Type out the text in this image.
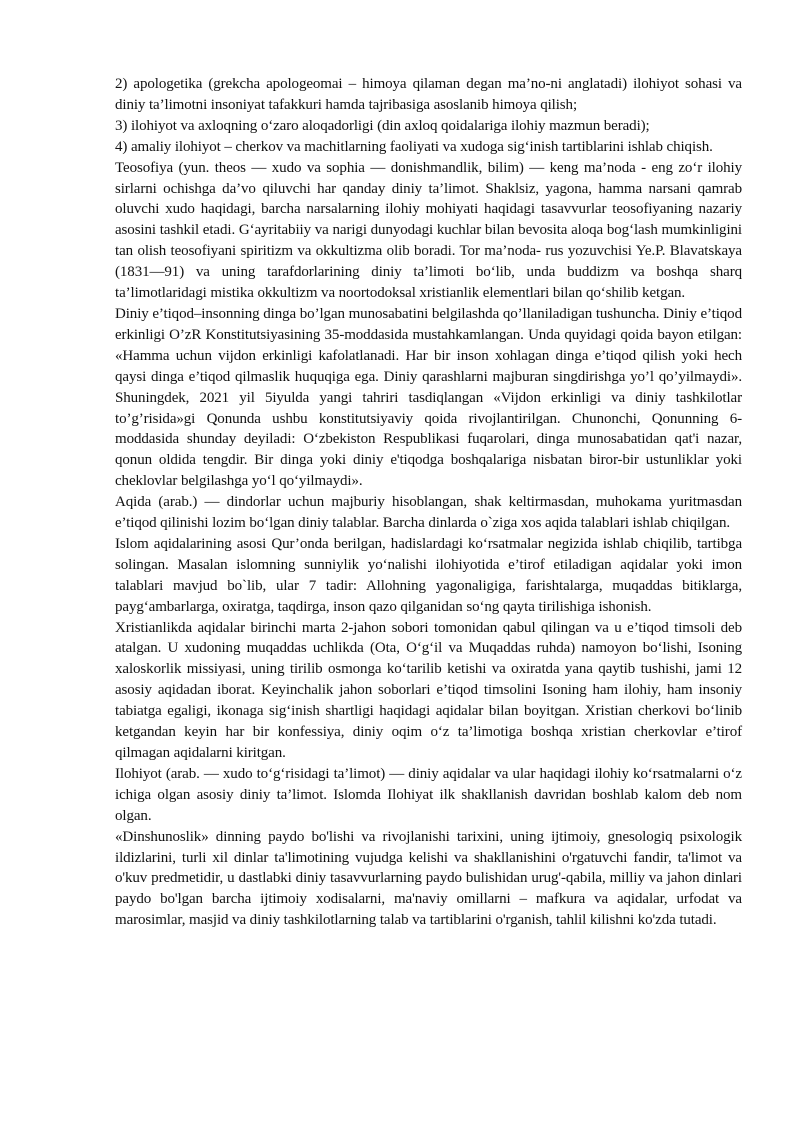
2) apologetika (grekcha apologeomai – himoya qilaman degan ma’no-ni anglatadi) ilohiyot sohasi va diniy ta’limotni insoniyat tafakkuri hamda tajribasiga asoslanib himoya qilish;

3) ilohiyot va axloqning o‘zaro aloqadorligi (din axloq qoidalariga ilohiy mazmun beradi);

4) amaliy ilohiyot – cherkov va machitlarning faoliyati va xudoga sig‘inish tartiblarini ishlab chiqish.

Teosofiya (yun. theos — xudo va sophia — donishmandlik, bilim) — keng ma’noda - eng zo‘r ilohiy sirlarni ochishga da’vo qiluvchi har qanday diniy ta’limot. Shaklsiz, yagona, hamma narsani qamrab oluvchi xudo haqidagi, barcha narsalarning ilohiy mohiyati haqidagi tasavvurlar teosofiyaning nazariy asosini tashkil etadi. G‘ayritabiiy va narigi dunyodagi kuchlar bilan bevosita aloqa bog‘lash mumkinligini tan olish teosofiyani spiritizm va okkultizma olib boradi. Tor ma’noda- rus yozuvchisi Ye.P. Blavatskaya (1831—91) va uning tarafdorlarining diniy ta’limoti bo‘lib, unda buddizm va boshqa sharq ta’limotlaridagi mistika okkultizm va noortodoksal xristianlik elementlari bilan qo‘shilib ketgan.

Diniy e’tiqod–insonning dinga bo’lgan munosabatini belgilashda qo’llaniladigan tushuncha. Diniy e’tiqod erkinligi O’zR Konstitutsiyasining 35-moddasida mustahkamlangan. Unda quyidagi qoida bayon etilgan: «Hamma uchun vijdon erkinligi kafolatlanadi. Har bir inson xohlagan dinga e’tiqod qilish yoki hech qaysi dinga e’tiqod qilmaslik huquqiga ega. Diniy qarashlarni majburan singdirishga yo’l qo’yilmaydi». Shuningdek, 2021 yil 5iyulda yangi tahriri tasdiqlangan «Vijdon erkinligi va diniy tashkilotlar to’g’risida»gi Qonunda ushbu konstitutsiyaviy qoida rivojlantirilgan. Chunonchi, Qonunning 6-moddasida shunday deyiladi: O‘zbekiston Respublikasi fuqarolari, dinga munosabatidan qat'i nazar, qonun oldida tengdir. Bir dinga yoki diniy e'tiqodga boshqalariga nisbatan biror-bir ustunliklar yoki cheklovlar belgilashga yo‘l qo‘yilmaydi».

Aqida (arab.) — dindorlar uchun majburiy hisoblangan, shak keltirmasdan, muhokama yuritmasdan e’tiqod qilinishi lozim bo‘lgan diniy talablar. Barcha dinlarda o`ziga xos aqida talablari ishlab chiqilgan.

Islom aqidalarining asosi Qur’onda berilgan, hadislardagi ko‘rsatmalar negizida ishlab chiqilib, tartibga solingan. Masalan islomning sunniylik yo‘nalishi ilohiyotida e’tirof etiladigan aqidalar yoki imon talablari mavjud bo`lib, ular 7 tadir: Allohning yagonaligiga, farishtalarga, muqaddas bitiklarga, payg‘ambarlarga, oxiratga, taqdirga, inson qazo qilganidan so‘ng qayta tirilishiga ishonish.

Xristianlikda aqidalar birinchi marta 2-jahon sobori tomonidan qabul qilingan va u e’tiqod timsoli deb atalgan. U xudoning muqaddas uchlikda (Ota, O‘g‘il va Muqaddas ruhda) namoyon bo‘lishi, Isoning xaloskorlik missiyasi, uning tirilib osmonga ko‘tarilib ketishi va oxiratda yana qaytib tushishi, jami 12 asosiy aqidadan iborat. Keyinchalik jahon soborlari e’tiqod timsolini Isoning ham ilohiy, ham insoniy tabiatga egaligi, ikonaga sig‘inish shartligi haqidagi aqidalar bilan boyitgan. Xristian cherkovi bo‘linib ketgandan keyin har bir konfessiya, diniy oqim o‘z ta’limotiga boshqa xristian cherkovlar e’tirof qilmagan aqidalarni kiritgan.

Ilohiyot (arab. — xudo to‘g‘risidagi ta’limot) — diniy aqidalar va ular haqidagi ilohiy ko‘rsatmalarni o‘z ichiga olgan asosiy diniy ta’limot. Islomda Ilohiyat ilk shakllanish davridan boshlab kalom deb nom olgan.

«Dinshunoslik» dinning paydo bo'lishi va rivojlanishi tarixini, uning ijtimoiy, gnesologiq psixologik ildizlarini, turli xil dinlar ta'limotining vujudga kelishi va shakllanishini o'rgatuvchi fandir, ta'limot va o'kuv predmetidir, u dastlabki diniy tasavvurlarning paydo bulishidan urug'-qabila, milliy va jahon dinlari paydo bo'lgan barcha ijtimoiy xodisalarni, ma'naviy omillarni – mafkura va aqidalar, urfodat va marosimlar, masjid va diniy tashkilotlarning talab va tartiblarini o'rganish, tahlil kilishni ko'zda tutadi.
